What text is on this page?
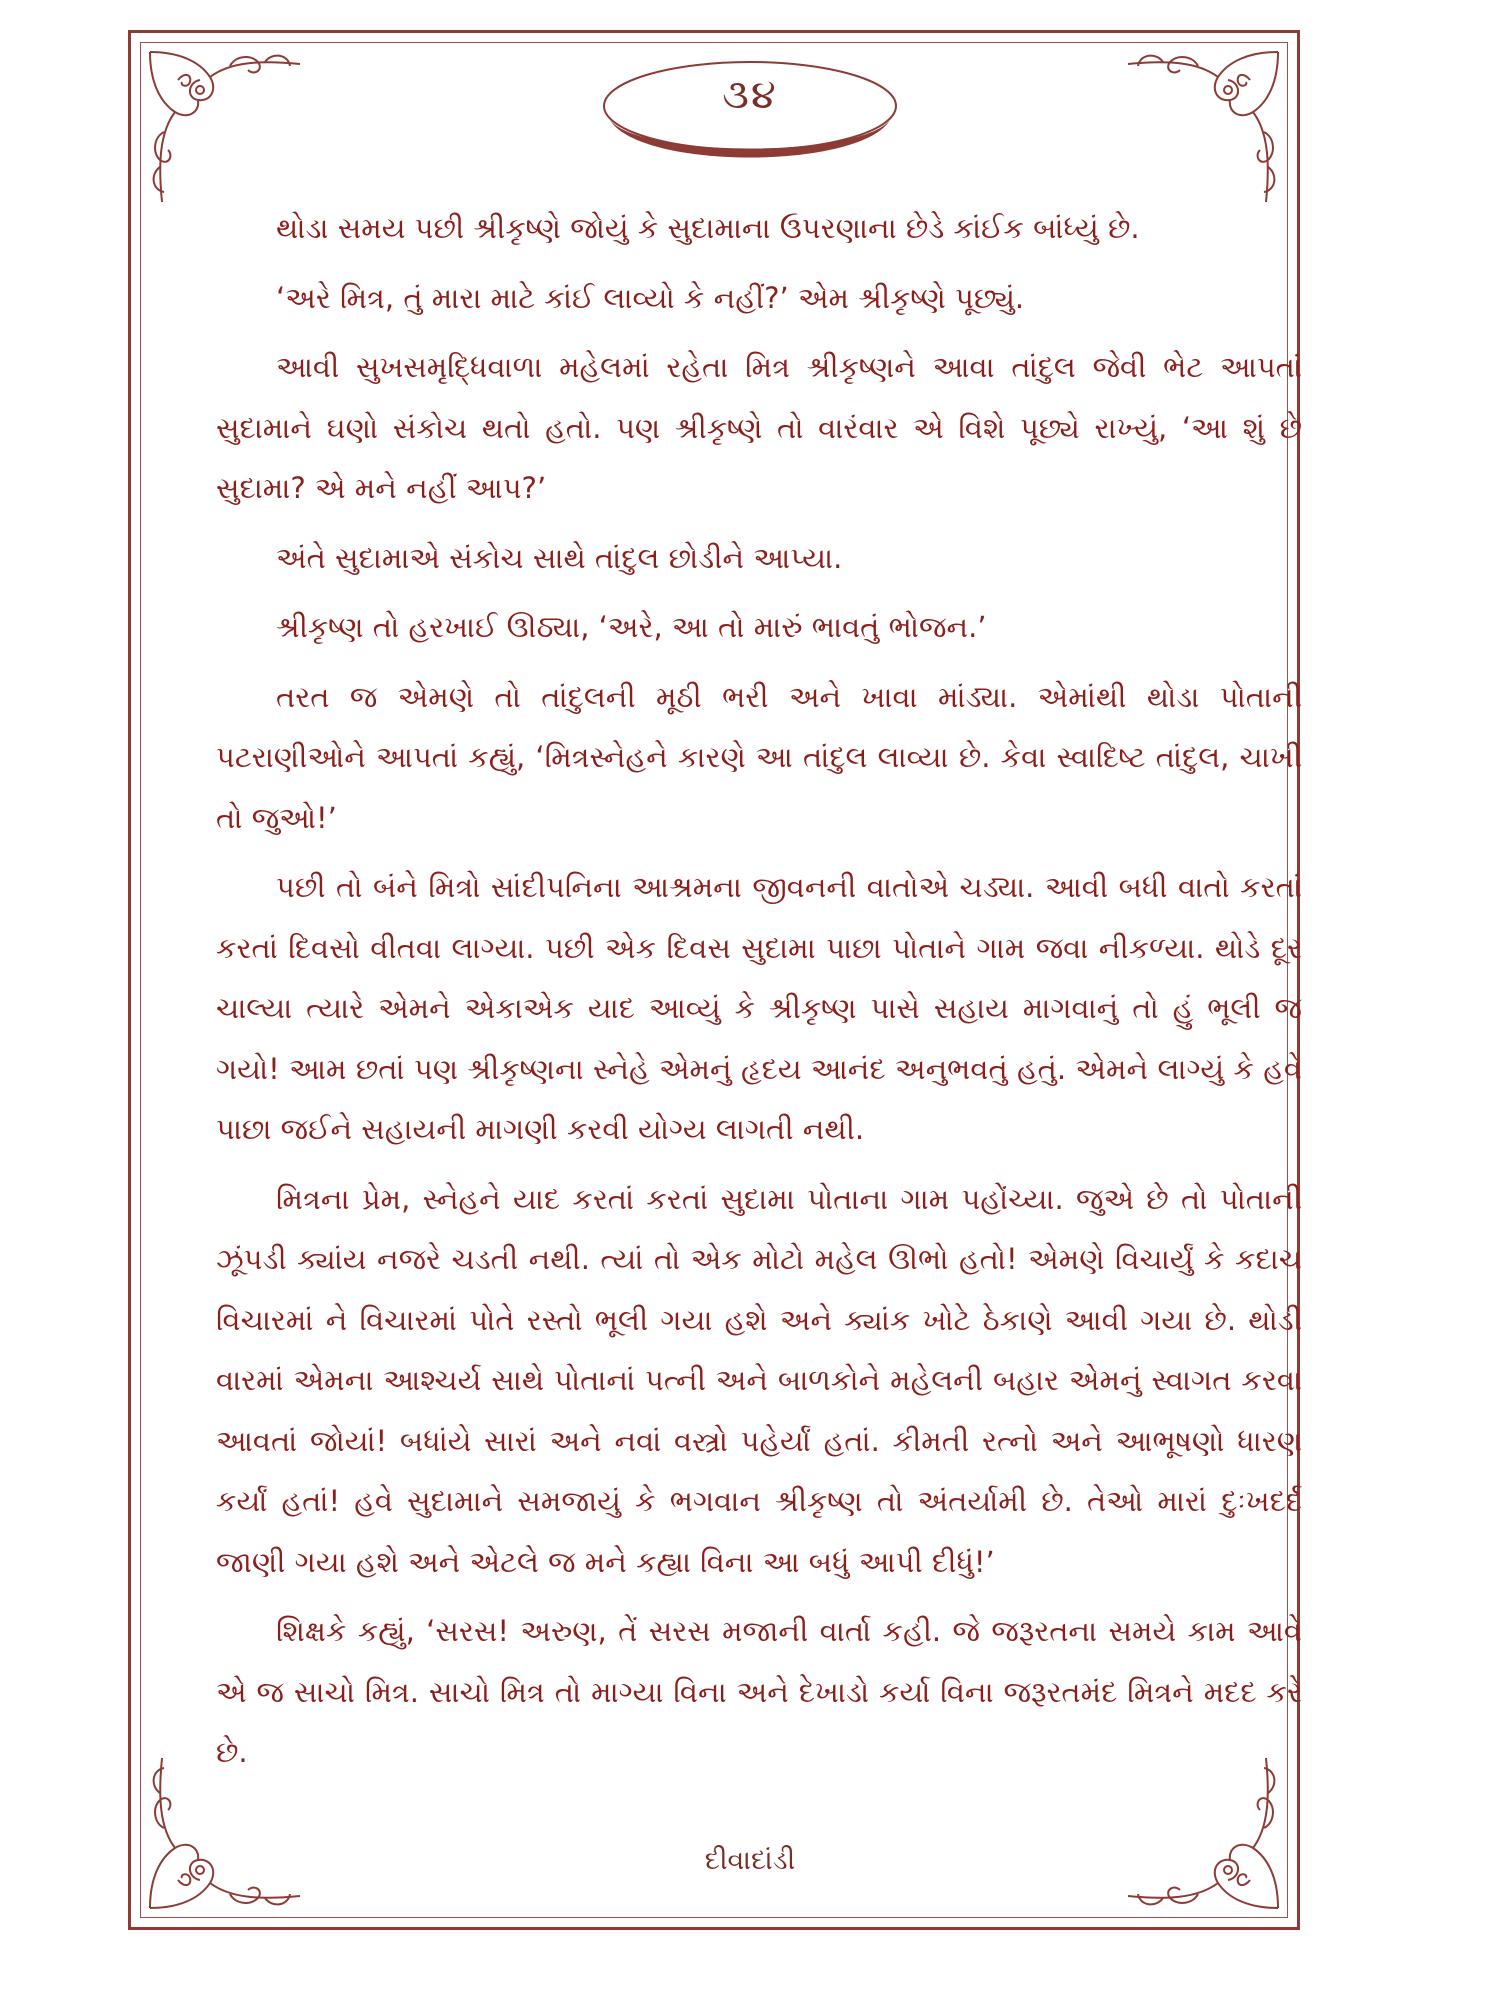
૩૪

થોડા સમય પછી શ્રીકૃષ્ણે જોયું કે સુદામાના ઉપરણાના છેડે કાંઈક બાંધ્યું છે.

‘અરે મિત્ર, તું મારા માટે કાંઈ લાવ્યો કે નહીં?’ એમ શ્રીકૃષ્ણે પૂછ્યું.

આવી સુખસમૃદ્ધિવાળા મહેલમાં રહેતા મિત્ર શ્રીકૃષ્ણને આવા તાંદુલ જેવી ભેટ આપતાં સુદામાને ઘણો સંકોચ થતો હતો. પણ શ્રીકૃષ્ણે તો વારંવાર એ વિશે પૂછ્યે રાખ્યું, ‘આ શું છે સુદામા? એ મને નહીં આપ?’

અંતે સુદામાએ સંકોચ સાથે તાંદુલ છોડીને આપ્યા.

શ્રીકૃષ્ણ તો હરખાઈ ઊઠ્યા, ‘અરે, આ તો મારું ભાવતું ભોજન.’

તરત જ એમણે તો તાંદુલની મૂઠી ભરી અને ખાવા માંડ્યા. એમાંથી થોડા પોતાની પટરાણીઓને આપતાં કહ્યું, ‘મિત્રસ્નેહને કારણે આ તાંદુલ લાવ્યા છે. કેવા સ્વાદિષ્ટ તાંદુલ, ચાખી તો જુઓ!’

પછી તો બંને મિત્રો સાંદીપનિના આશ્રમના જીવનની વાતોએ ચડ્યા. આવી બધી વાતો કરતાં કરતાં દિવસો વીતવા લાગ્યા. પછી એક દિવસ સુદામા પાછા પોતાને ગામ જવા નીકળ્યા. થોડે દૂર ચાલ્યા ત્યારે એમને એકાએક યાદ આવ્યું કે શ્રીકૃષ્ણ પાસે સહાય માગવાનું તો હું ભૂલી જ ગયો! આમ છતાં પણ શ્રીકૃષ્ણના સ્નેહે એમનું હૃદય આનંદ અનુભવતું હતું. એમને લાગ્યું કે હવે પાછા જઈને સહાયની માગણી કરવી યોગ્ય લાગતી નથી.

મિત્રના પ્રેમ, સ્નેહને યાદ કરતાં કરતાં સુદામા પોતાના ગામ પહોંચ્યા. જુએ છે તો પોતાની ઝૂંપડી ક્યાંય નજરે ચડતી નથી. ત્યાં તો એક મોટો મહેલ ઊભો હતો! એમણે વિચાર્યું કે કદાચ વિચારમાં ને વિચારમાં પોતે રસ્તો ભૂલી ગયા હશે અને ક્યાંક ખોટે ઠેકાણે આવી ગયા છે. થોડી વારમાં એમના આશ્ચર્ય સાથે પોતાનાં પત્ની અને બાળકોને મહેલની બહાર એમનું સ્વાગત કરવા આવતાં જોયાં! બધાંયે સારાં અને નવાં વસ્ત્રો પહેર્યાં હતાં. કીમતી રત્નો અને આભૂષણો ધારણ કર્યાં હતાં! હવે સુદામાને સમજાયું કે ભગવાન શ્રીકૃષ્ણ તો અંતર્યામી છે. તેઓ મારાં દુઃખદર્દ જાણી ગયા હશે અને એટલે જ મને કહ્યા વિના આ બધું આપી દીધું!’

શિક્ષકે કહ્યું, ‘સરસ! અરુણ, તેં સરસ મજાની વાર્તા કહી. જે જરૂરતના સમયે કામ આવે એ જ સાચો મિત્ર. સાચો મિત્ર તો માગ્યા વિના અને દેખાડો કર્યા વિના જરૂરતમંદ મિત્રને મદદ કરે છે.

દીવાદાંડી
